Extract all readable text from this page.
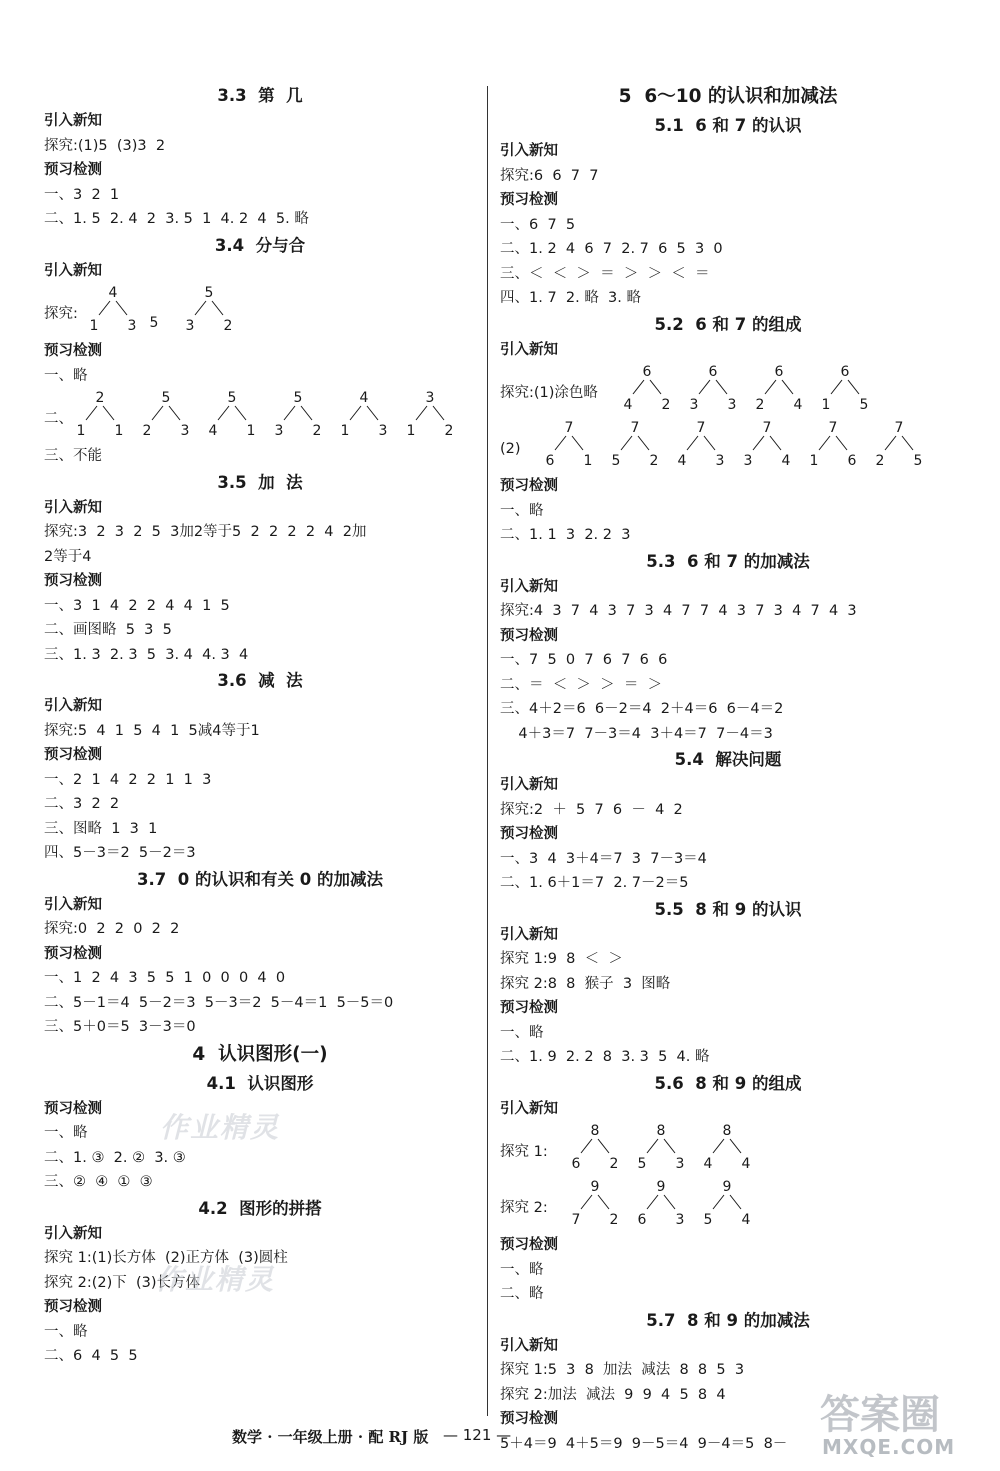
3.3  第  几
引入新知
探究:(1)5  (3)3  2
预习检测
一、3  2  1
二、1. 5  2. 4  2  3. 5  1  4. 2  4  5. 略
3.4  分与合
引入新知
探究:
4
1 3 5
5
3 2
预习检测
一、略
二、
2
1 1
5
2 3
5
4 1
5
3 2
4
1 3
3
1 2
三、不能
3.5  加  法
引入新知
探究:3  2  3  2  5  3加2等于5  2  2  2  2  4  2加
2等于4
预习检测
一、3  1  4  2  2  4  4  1  5
二、画图略  5  3  5
三、1. 3  2. 3  5  3. 4  4. 3  4
3.6  减  法
引入新知
探究:5  4  1  5  4  1  5减4等于1
预习检测
一、2  1  4  2  2  1  1  3
二、3  2  2
三、图略  1  3  1
四、5－3＝2  5－2＝3
3.7  0 的认识和有关 0 的加减法
引入新知
探究:0  2  2  0  2  2
预习检测
一、1  2  4  3  5  5  1  0  0  0  4  0
二、5－1＝4  5－2＝3  5－3＝2  5－4＝1  5－5＝0
三、5＋0＝5  3－3＝0
4  认识图形(一)
4.1  认识图形
预习检测
一、略
二、1. ③  2. ②  3. ③
三、②  ④  ①  ③
4.2  图形的拼搭
引入新知
探究 1:(1)长方体  (2)正方体  (3)圆柱
探究 2:(2)下  (3)长方体
预习检测
一、略
二、6  4  5  5
5  6～10 的认识和加减法
5.1  6 和 7 的认识
引入新知
探究:6  6  7  7
预习检测
一、6  7  5
二、1. 2  4  6  7  2. 7  6  5  3  0
三、＜  ＜  ＞  ＝  ＞  ＞  ＜  ＝
四、1. 7  2. 略  3. 略
5.2  6 和 7 的组成
引入新知
探究:(1)涂色略
6
4 2
6
3 3
6
2 4
6
1 5
(2)
7
6 1
7
5 2
7
4 3
7
3 4
7
1 6
7
2 5
预习检测
一、略
二、1. 1  3  2. 2  3
5.3  6 和 7 的加减法
引入新知
探究:4  3  7  4  3  7  3  4  7  7  4  3  7  3  4  7  4  3
预习检测
一、7  5  0  7  6  7  6  6
二、＝  ＜  ＞  ＞  ＝  ＞
三、4＋2＝6  6－2＝4  2＋4＝6  6－4＝2
4＋3＝7  7－3＝4  3＋4＝7  7－4＝3
5.4  解决问题
引入新知
探究:2  ＋  5  7  6  －  4  2
预习检测
一、3  4  3＋4＝7  3  7－3＝4
二、1. 6＋1＝7  2. 7－2＝5
5.5  8 和 9 的认识
引入新知
探究 1:9  8  ＜  ＞
探究 2:8  8  猴子  3  图略
预习检测
一、略
二、1. 9  2. 2  8  3. 3  5  4. 略
5.6  8 和 9 的组成
引入新知
探究 1:
8
6 2
8
5 3
8
4 4
探究 2:
9
7 2
9
6 3
9
5 4
预习检测
一、略
二、略
5.7  8 和 9 的加减法
引入新知
探究 1:5  3  8  加法  减法  8  8  5  3
探究 2:加法  减法  9  9  4  5  8  4
预习检测
5＋4＝9  4＋5＝9  9－5＝4  9－4＝5  8－
作业精灵
作业精灵
数学 · 一年级上册 · 配 RJ 版 — 121 —	答案圈
MXQE.COM
